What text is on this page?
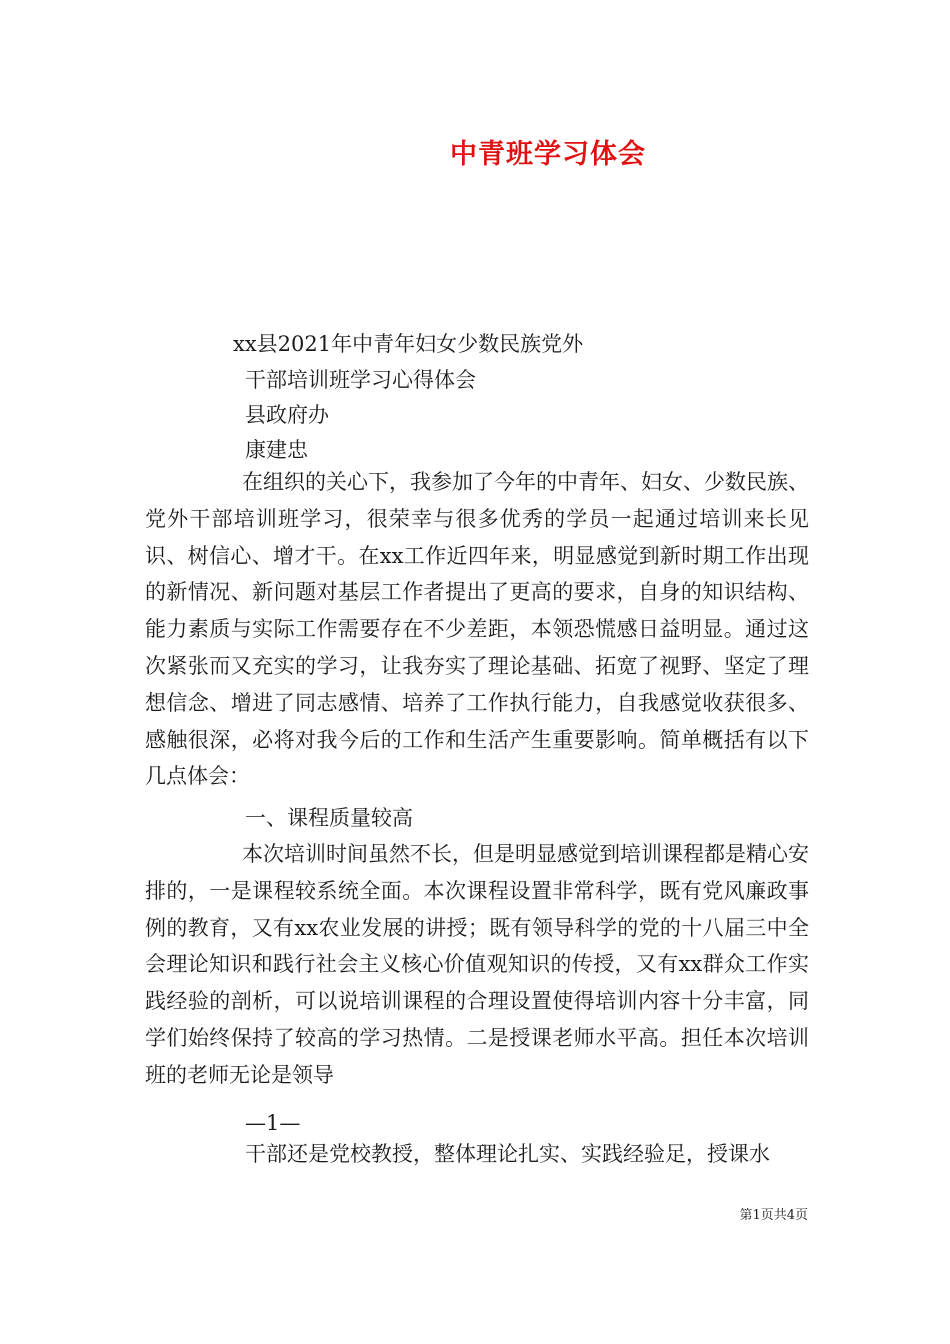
中青班学习体会
xx县2021年中青年妇女少数民族党外
干部培训班学习心得体会
县政府办
康建忠

在组织的关心下，我参加了今年的中青年、妇女、少数民族、党外干部培训班学习，很荣幸与很多优秀的学员一起通过培训来长见识、树信心、增才干。在xx工作近四年来，明显感觉到新时期工作出现的新情况、新问题对基层工作者提出了更高的要求，自身的知识结构、能力素质与实际工作需要存在不少差距，本领恐慌感日益明显。通过这次紧张而又充实的学习，让我夯实了理论基础、拓宽了视野、坚定了理想信念、增进了同志感情、培养了工作执行能力，自我感觉收获很多、感触很深，必将对我今后的工作和生活产生重要影响。简单概括有以下几点体会：

一、课程质量较高

本次培训时间虽然不长，但是明显感觉到培训课程都是精心安排的，一是课程较系统全面。本次课程设置非常科学，既有党风廉政事例的教育，又有xx农业发展的讲授；既有领导科学的党的十八届三中全会理论知识和践行社会主义核心价值观知识的传授，又有xx群众工作实践经验的剖析，可以说培训课程的合理设置使得培训内容十分丰富，同学们始终保持了较高的学习热情。二是授课老师水平高。担任本次培训班的老师无论是领导

—1—
干部还是党校教授，整体理论扎实、实践经验足，授课水
第1页共4页
